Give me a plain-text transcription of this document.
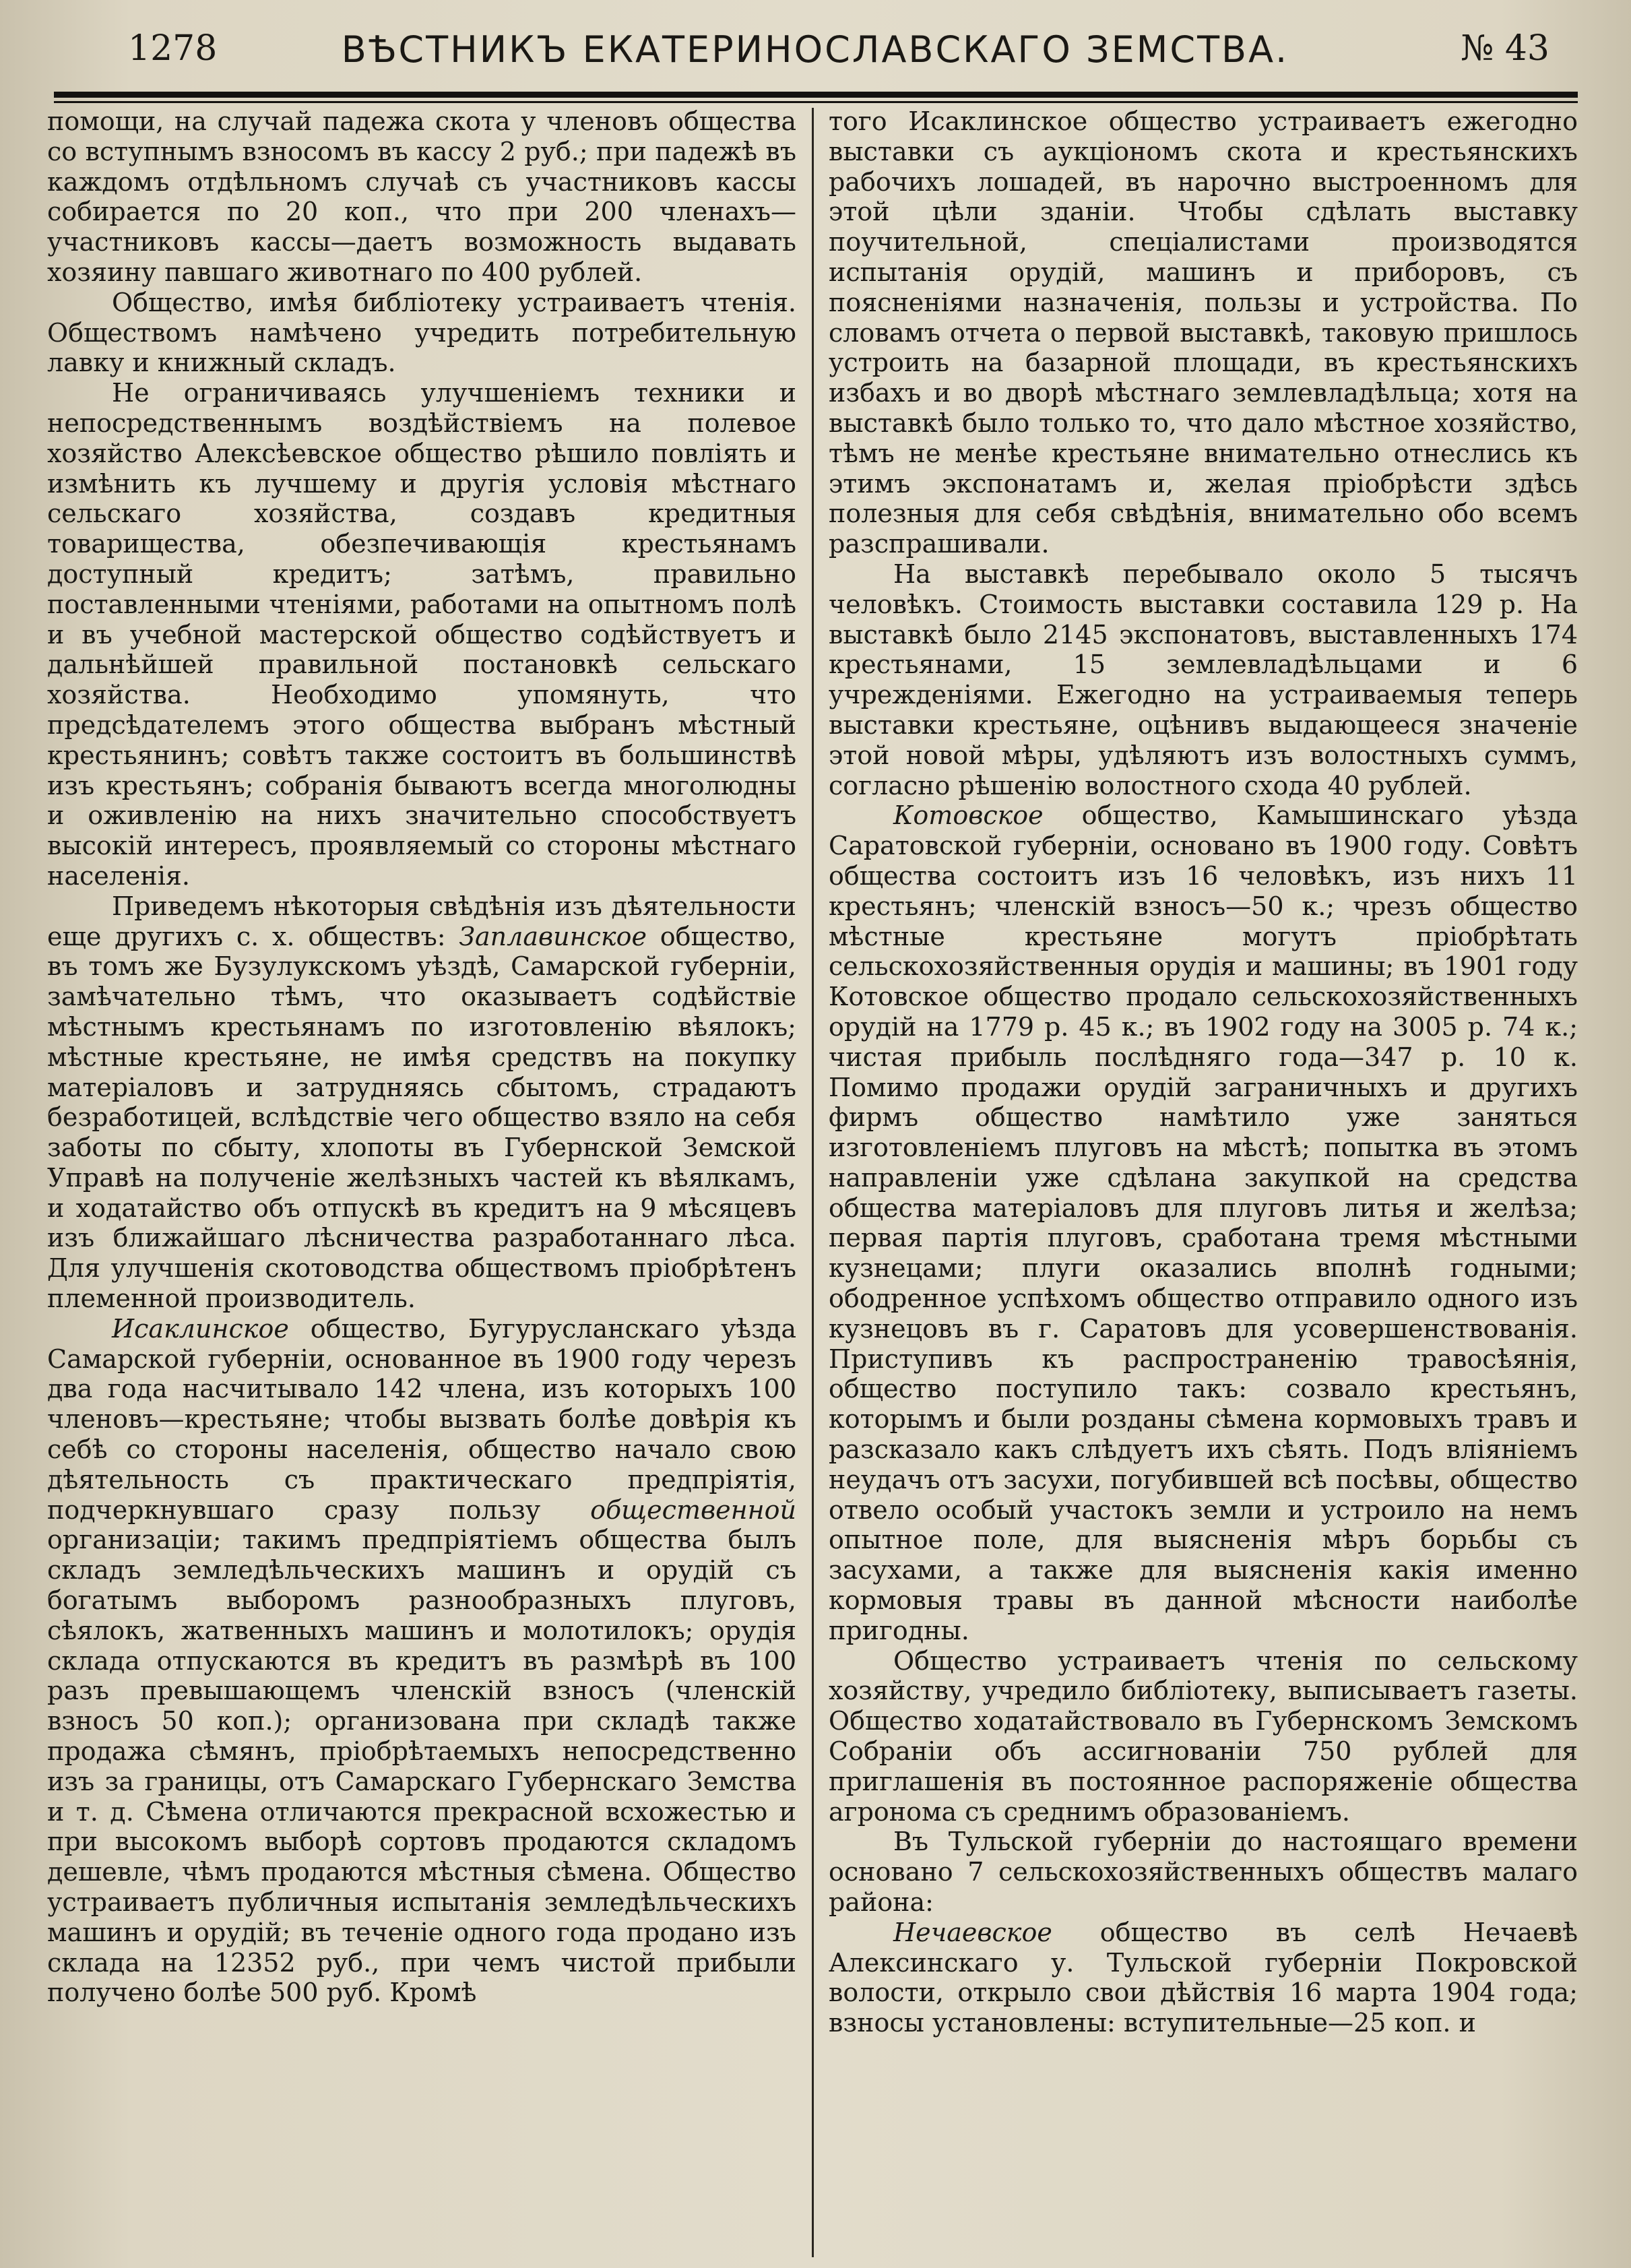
1278	ВѢСТНИКЪ ЕКАТЕРИНОСЛАВСКАГО ЗЕМСТВА.	№ 43

помощи, на случай падежа скота у членовъ общества со вступнымъ взносомъ въ кассу 2 руб.; при падежѣ въ каждомъ отдѣльномъ случаѣ съ участниковъ кассы собирается по 20 коп., что при 200 членахъ—участниковъ кассы—даетъ возможность выдавать хозяину павшаго животнаго по 400 рублей.

Общество, имѣя библіотеку устраиваетъ чтенія. Обществомъ намѣчено учредить потребительную лавку и книжный складъ.

Не ограничиваясь улучшеніемъ техники и непосредственнымъ воздѣйствіемъ на полевое хозяйство Алексѣевское общество рѣшило повліять и измѣнить къ лучшему и другія условія мѣстнаго сельскаго хозяйства, создавъ кредитныя товарищества, обезпечивающія крестьянамъ доступный кредитъ; затѣмъ, правильно поставленными чтеніями, работами на опытномъ полѣ и въ учебной мастерской общество содѣйствуетъ и дальнѣйшей правильной постановкѣ сельскаго хозяйства. Необходимо упомянуть, что предсѣдателемъ этого общества выбранъ мѣстный крестьянинъ; совѣтъ также состоитъ въ большинствѣ изъ крестьянъ; собранія бываютъ всегда многолюдны и оживленію на нихъ значительно способствуетъ высокій интересъ, проявляемый со стороны мѣстнаго населенія.

Приведемъ нѣкоторыя свѣдѣнія изъ дѣятельности еще другихъ с. х. обществъ: Заплавинское общество, въ томъ же Бузулукскомъ уѣздѣ, Самарской губерніи, замѣчательно тѣмъ, что оказываетъ содѣйствіе мѣстнымъ крестьянамъ по изготовленію вѣялокъ; мѣстные крестьяне, не имѣя средствъ на покупку матеріаловъ и затрудняясь сбытомъ, страдаютъ безработицей, вслѣдствіе чего общество взяло на себя заботы по сбыту, хлопоты въ Губернской Земской Управѣ на полученіе желѣзныхъ частей къ вѣялкамъ, и ходатайство объ отпускѣ въ кредитъ на 9 мѣсяцевъ изъ ближайшаго лѣсничества разработаннаго лѣса. Для улучшенія скотоводства обществомъ пріобрѣтенъ племенной производитель.

Исаклинское общество, Бугурусланскаго уѣзда Самарской губерніи, основанное въ 1900 году черезъ два года насчитывало 142 члена, изъ которыхъ 100 членовъ—крестьяне; чтобы вызвать болѣе довѣрія къ себѣ со стороны населенія, общество начало свою дѣятельность съ практическаго предпріятія, подчеркнувшаго сразу пользу общественной организаціи; такимъ предпріятіемъ общества былъ складъ земледѣльческихъ машинъ и орудій съ богатымъ выборомъ разнообразныхъ плуговъ, сѣялокъ, жатвенныхъ машинъ и молотилокъ; орудія склада отпускаются въ кредитъ въ размѣрѣ въ 100 разъ превышающемъ членскій взносъ (членскій взносъ 50 коп.); организована при складѣ также продажа сѣмянъ, пріобрѣтаемыхъ непосредственно изъ за границы, отъ Самарскаго Губернскаго Земства и т. д. Сѣмена отличаются прекрасной всхожестью и при высокомъ выборѣ сортовъ продаются складомъ дешевле, чѣмъ продаются мѣстныя сѣмена. Общество устраиваетъ публичныя испытанія земледѣльческихъ машинъ и орудій; въ теченіе одного года продано изъ склада на 12352 руб., при чемъ чистой прибыли получено болѣе 500 руб. Кромѣ

того Исаклинское общество устраиваетъ ежегодно выставки съ аукціономъ скота и крестьянскихъ рабочихъ лошадей, въ нарочно выстроенномъ для этой цѣли зданіи. Чтобы сдѣлать выставку поучительной, спеціалистами производятся испытанія орудій, машинъ и приборовъ, съ поясненіями назначенія, пользы и устройства. По словамъ отчета о первой выставкѣ, таковую пришлось устроить на базарной площади, въ крестьянскихъ избахъ и во дворѣ мѣстнаго землевладѣльца; хотя на выставкѣ было только то, что дало мѣстное хозяйство, тѣмъ не менѣе крестьяне внимательно отнеслись къ этимъ экспонатамъ и, желая пріобрѣсти здѣсь полезныя для себя свѣдѣнія, внимательно обо всемъ разспрашивали.

На выставкѣ перебывало около 5 тысячъ человѣкъ. Стоимость выставки составила 129 р. На выставкѣ было 2145 экспонатовъ, выставленныхъ 174 крестьянами, 15 землевладѣльцами и 6 учрежденіями. Ежегодно на устраиваемыя теперь выставки крестьяне, оцѣнивъ выдающееся значеніе этой новой мѣры, удѣляютъ изъ волостныхъ суммъ, согласно рѣшенію волостного схода 40 рублей.

Котовское общество, Камышинскаго уѣзда Саратовской губерніи, основано въ 1900 году. Совѣтъ общества состоитъ изъ 16 человѣкъ, изъ нихъ 11 крестьянъ; членскій взносъ—50 к.; чрезъ общество мѣстные крестьяне могутъ пріобрѣтать сельскохозяйственныя орудія и машины; въ 1901 году Котовское общество продало сельскохозяйственныхъ орудій на 1779 р. 45 к.; въ 1902 году на 3005 р. 74 к.; чистая прибыль послѣдняго года—347 р. 10 к. Помимо продажи орудій заграничныхъ и другихъ фирмъ общество намѣтило уже заняться изготовленіемъ плуговъ на мѣстѣ; попытка въ этомъ направленіи уже сдѣлана закупкой на средства общества матеріаловъ для плуговъ литья и желѣза; первая партія плуговъ, сработана тремя мѣстными кузнецами; плуги оказались вполнѣ годными; ободренное успѣхомъ общество отправило одного изъ кузнецовъ въ г. Саратовъ для усовершенствованія. Приступивъ къ распространенію травосѣянія, общество поступило такъ: созвало крестьянъ, которымъ и были розданы сѣмена кормовыхъ травъ и разсказало какъ слѣдуетъ ихъ сѣять. Подъ вліяніемъ неудачъ отъ засухи, погубившей всѣ посѣвы, общество отвело особый участокъ земли и устроило на немъ опытное поле, для выясненія мѣръ борьбы съ засухами, а также для выясненія какія именно кормовыя травы въ данной мѣсности наиболѣе пригодны.

Общество устраиваетъ чтенія по сельскому хозяйству, учредило библіотеку, выписываетъ газеты. Общество ходатайствовало въ Губернскомъ Земскомъ Собраніи объ ассигнованіи 750 рублей для приглашенія въ постоянное распоряженіе общества агронома съ среднимъ образованіемъ.

Въ Тульской губерніи до настоящаго времени основано 7 сельскохозяйственныхъ обществъ малаго района:

Нечаевское общество въ селѣ Нечаевѣ Алексинскаго у. Тульской губерніи Покровской волости, открыло свои дѣйствія 16 марта 1904 года; взносы установлены: вступительные—25 коп. и
